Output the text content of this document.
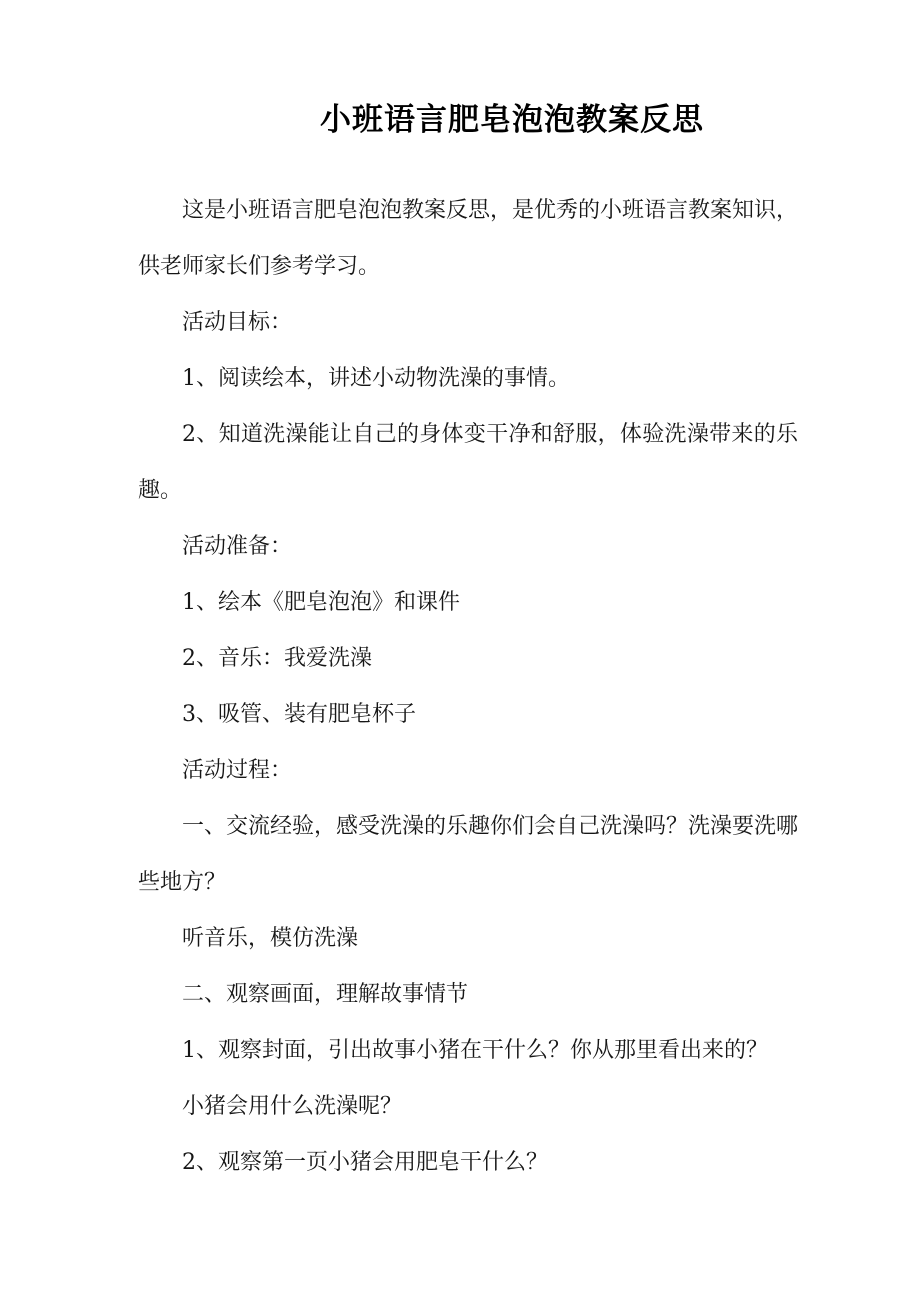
小班语言肥皂泡泡教案反思

这是小班语言肥皂泡泡教案反思，是优秀的小班语言教案知识，供老师家长们参考学习。

活动目标：

1、阅读绘本，讲述小动物洗澡的事情。

2、知道洗澡能让自己的身体变干净和舒服，体验洗澡带来的乐趣。

活动准备：

1、绘本《肥皂泡泡》和课件

2、音乐：我爱洗澡

3、吸管、装有肥皂杯子

活动过程：

一、交流经验，感受洗澡的乐趣你们会自己洗澡吗？洗澡要洗哪些地方？

听音乐，模仿洗澡

二、观察画面，理解故事情节

1、观察封面，引出故事小猪在干什么？你从那里看出来的？

小猪会用什么洗澡呢？

2、观察第一页小猪会用肥皂干什么？
